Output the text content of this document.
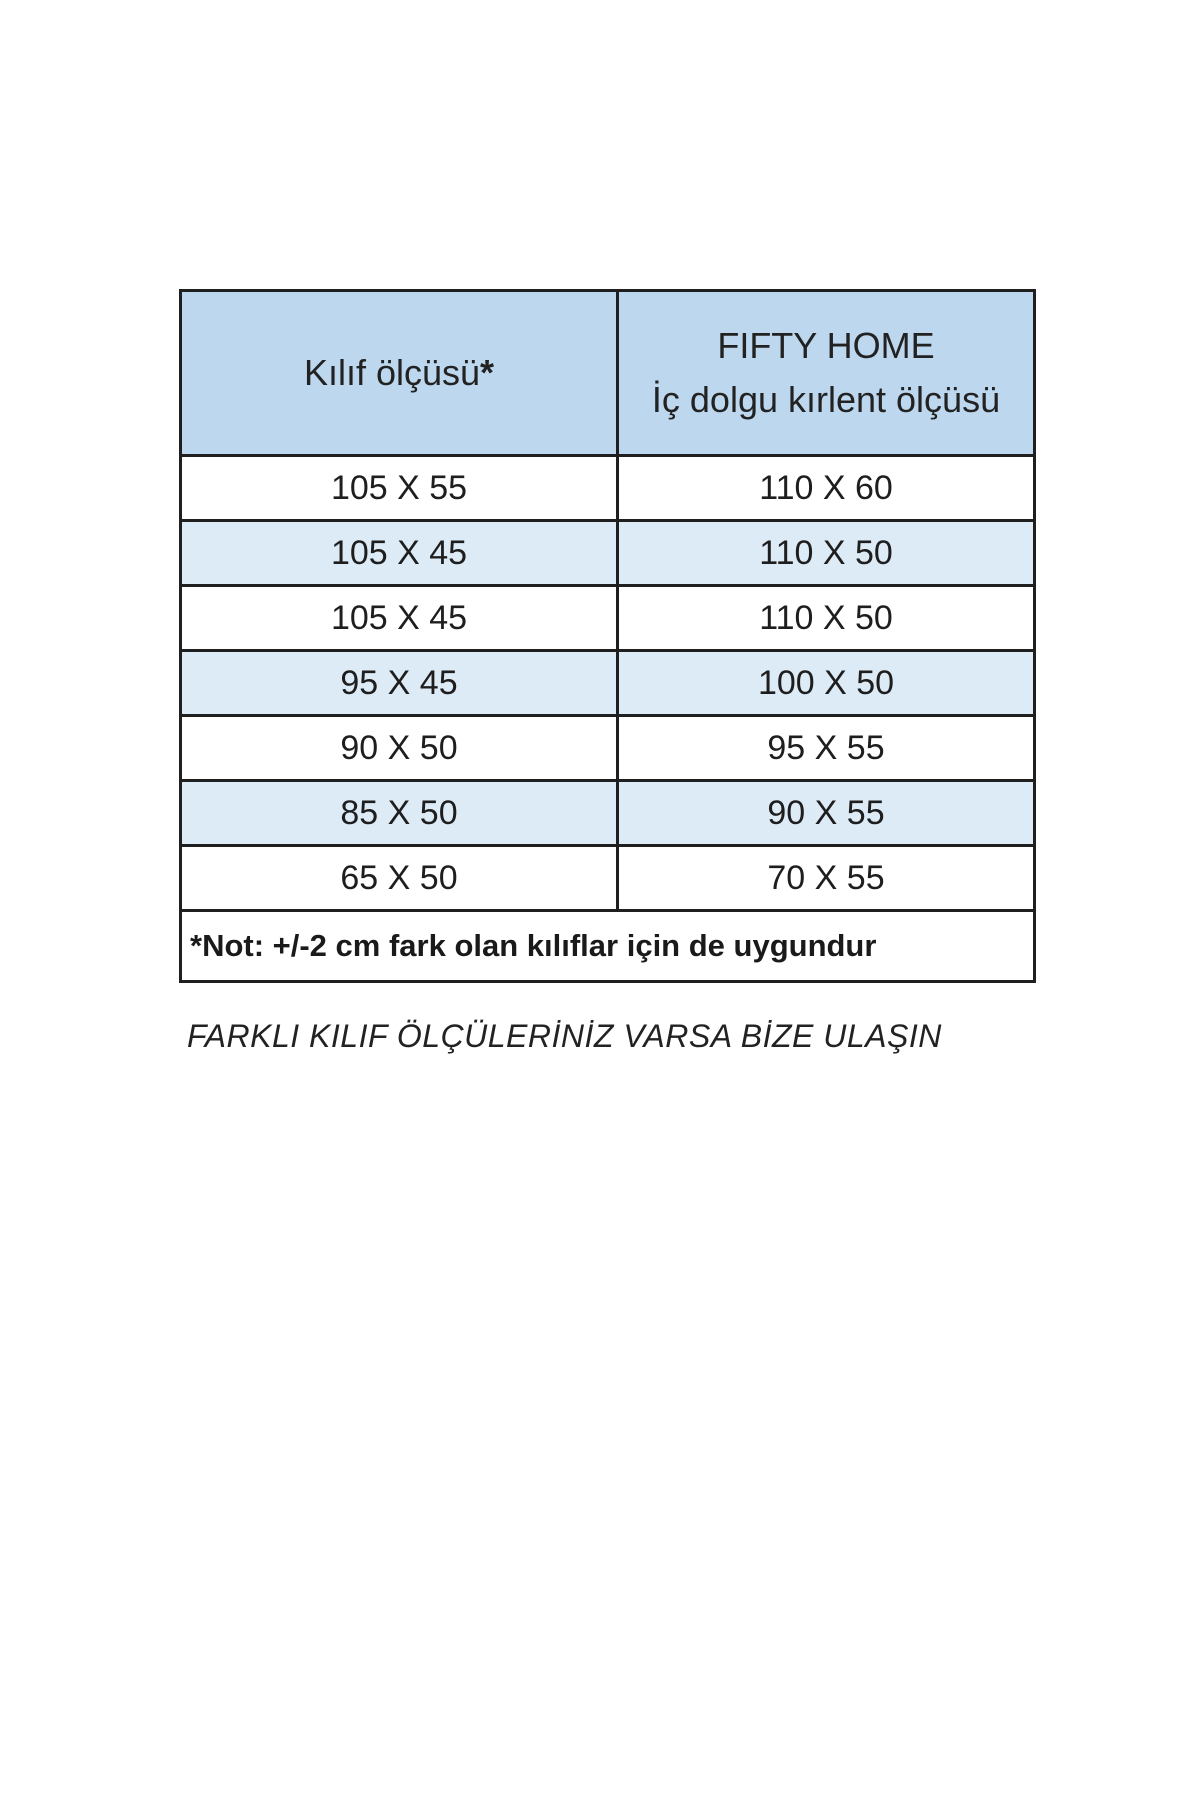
Kılıf ölçüsü*	FIFTY HOME
İç dolgu kırlent ölçüsü

105 X 55	110 X 60
105 X 45	110 X 50
105 X 45	110 X 50
95 X 45	100 X 50
90 X 50	95 X 55
85 X 50	90 X 55
65 X 50	70 X 55
*Not: +/-2 cm fark olan kılıflar için de uygundur	
FARKLI KILIF ÖLÇÜLERİNİZ VARSA BİZE ULAŞIN
